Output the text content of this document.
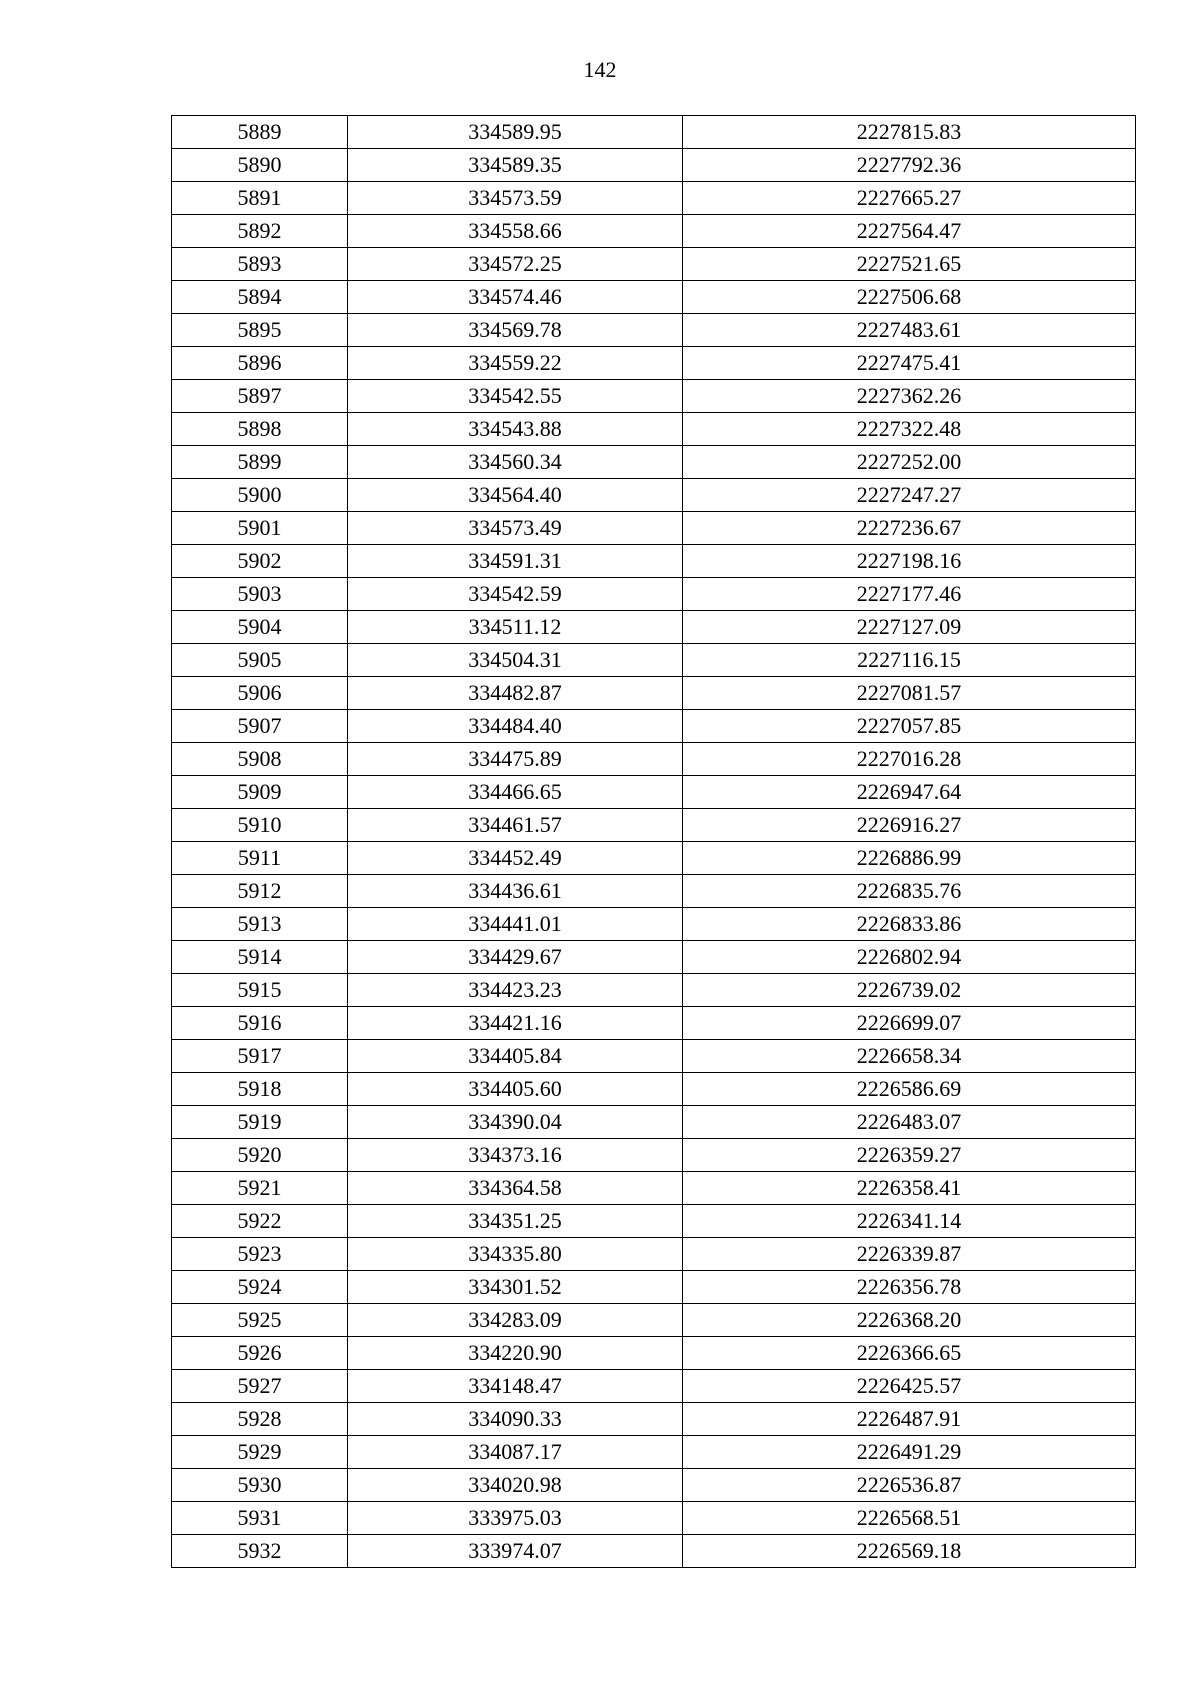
142
5889	334589.95	2227815.83
5890	334589.35	2227792.36
5891	334573.59	2227665.27
5892	334558.66	2227564.47
5893	334572.25	2227521.65
5894	334574.46	2227506.68
5895	334569.78	2227483.61
5896	334559.22	2227475.41
5897	334542.55	2227362.26
5898	334543.88	2227322.48
5899	334560.34	2227252.00
5900	334564.40	2227247.27
5901	334573.49	2227236.67
5902	334591.31	2227198.16
5903	334542.59	2227177.46
5904	334511.12	2227127.09
5905	334504.31	2227116.15
5906	334482.87	2227081.57
5907	334484.40	2227057.85
5908	334475.89	2227016.28
5909	334466.65	2226947.64
5910	334461.57	2226916.27
5911	334452.49	2226886.99
5912	334436.61	2226835.76
5913	334441.01	2226833.86
5914	334429.67	2226802.94
5915	334423.23	2226739.02
5916	334421.16	2226699.07
5917	334405.84	2226658.34
5918	334405.60	2226586.69
5919	334390.04	2226483.07
5920	334373.16	2226359.27
5921	334364.58	2226358.41
5922	334351.25	2226341.14
5923	334335.80	2226339.87
5924	334301.52	2226356.78
5925	334283.09	2226368.20
5926	334220.90	2226366.65
5927	334148.47	2226425.57
5928	334090.33	2226487.91
5929	334087.17	2226491.29
5930	334020.98	2226536.87
5931	333975.03	2226568.51
5932	333974.07	2226569.18
